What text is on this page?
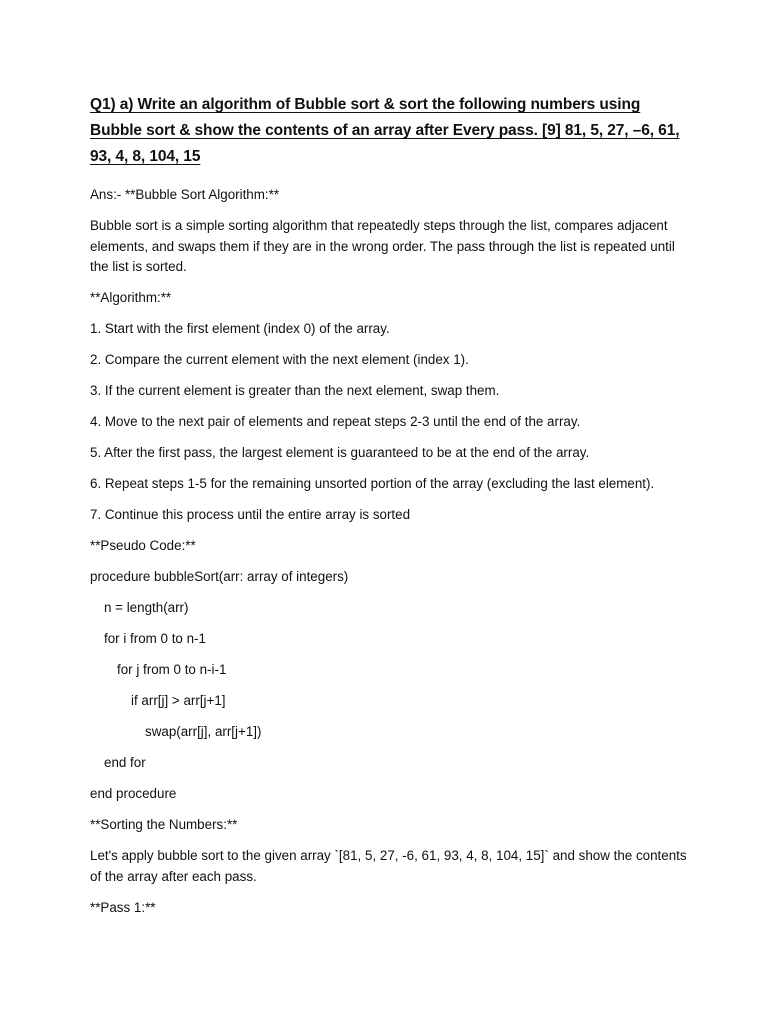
Q1) a) Write an algorithm of Bubble sort & sort the following numbers using Bubble sort & show the contents of an array after Every pass. [9] 81, 5, 27, –6, 61, 93, 4, 8, 104, 15
Ans:- **Bubble Sort Algorithm:**
Bubble sort is a simple sorting algorithm that repeatedly steps through the list, compares adjacent elements, and swaps them if they are in the wrong order. The pass through the list is repeated until the list is sorted.
**Algorithm:**
1. Start with the first element (index 0) of the array.
2. Compare the current element with the next element (index 1).
3. If the current element is greater than the next element, swap them.
4. Move to the next pair of elements and repeat steps 2-3 until the end of the array.
5. After the first pass, the largest element is guaranteed to be at the end of the array.
6. Repeat steps 1-5 for the remaining unsorted portion of the array (excluding the last element).
7. Continue this process until the entire array is sorted
**Pseudo Code:**
procedure bubbleSort(arr: array of integers)
n = length(arr)
for i from 0 to n-1
for j from 0 to n-i-1
if arr[j] > arr[j+1]
swap(arr[j], arr[j+1])
end for
end procedure
**Sorting the Numbers:**
Let's apply bubble sort to the given array `[81, 5, 27, -6, 61, 93, 4, 8, 104, 15]` and show the contents of the array after each pass.
**Pass 1:**
